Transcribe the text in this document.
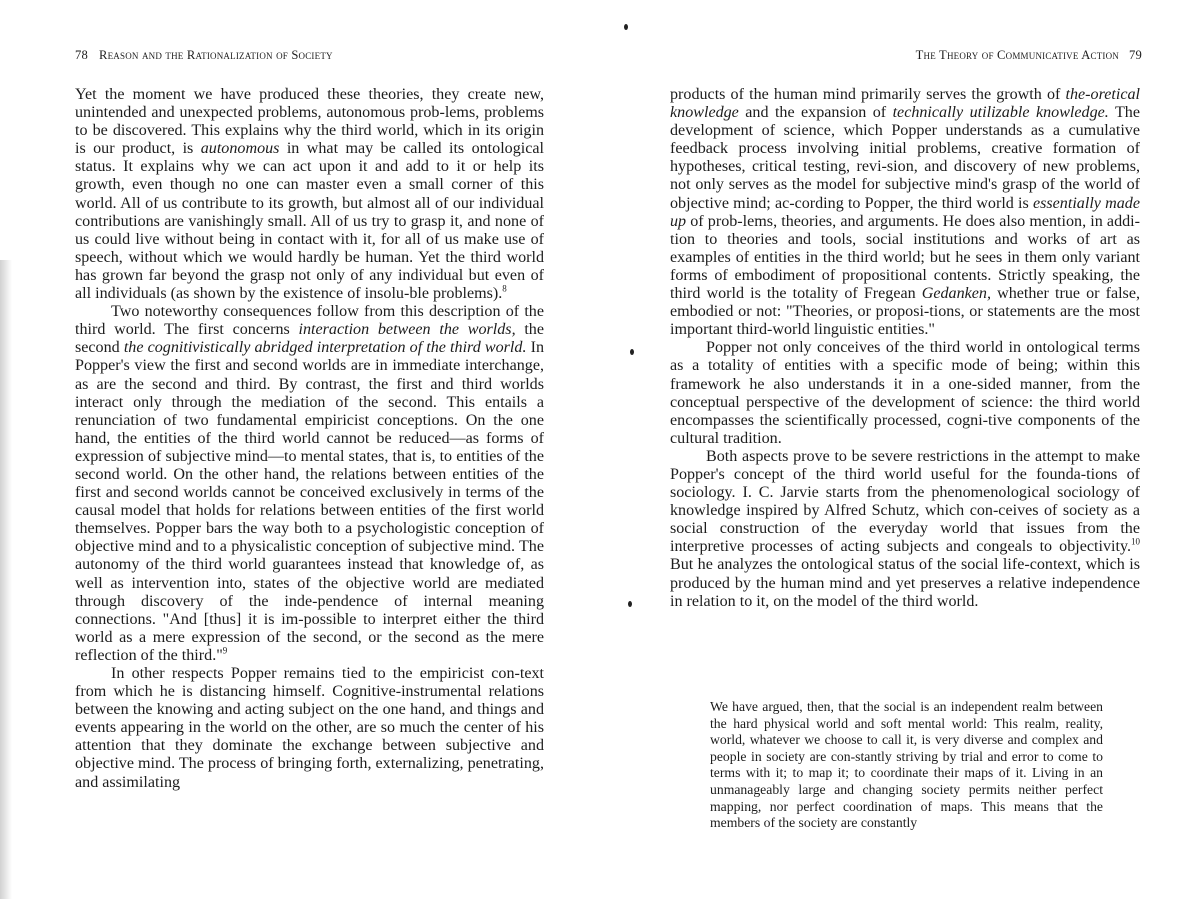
78 Reason and the Rationalization of Society

Yet the moment we have produced these theories, they create new, unintended and unexpected problems, autonomous prob-lems, problems to be discovered. This explains why the third world, which in its origin is our product, is autonomous in what may be called its ontological status. It explains why we can act upon it and add to it or help its growth, even though no one can master even a small corner of this world. All of us contribute to its growth, but almost all of our individual contributions are vanishingly small. All of us try to grasp it, and none of us could live without being in contact with it, for all of us make use of speech, without which we would hardly be human. Yet the third world has grown far beyond the grasp not only of any individual but even of all individuals (as shown by the existence of insolu-ble problems).$^8$

Two noteworthy consequences follow from this description of the third world. The first concerns interaction between the worlds, the second the cognitivistically abridged interpretation of the third world. In Popper's view the first and second worlds are in immediate interchange, as are the second and third. By contrast, the first and third worlds interact only through the mediation of the second. This entails a renunciation of two fundamental empiricist conceptions. On the one hand, the entities of the third world cannot be reduced—as forms of expression of subjective mind—to mental states, that is, to entities of the second world. On the other hand, the relations between entities of the first and second worlds cannot be conceived exclusively in terms of the causal model that holds for relations between entities of the first world themselves. Popper bars the way both to a psychologistic conception of objective mind and to a physicalistic conception of subjective mind. The autonomy of the third world guarantees instead that knowledge of, as well as intervention into, states of the objective world are mediated through discovery of the inde-pendence of internal meaning connections. "And [thus] it is im-possible to interpret either the third world as a mere expression of the second, or the second as the mere reflection of the third."$^9$

In other respects Popper remains tied to the empiricist con-text from which he is distancing himself. Cognitive-instrumental relations between the knowing and acting subject on the one hand, and things and events appearing in the world on the other, are so much the center of his attention that they dominate the exchange between subjective and objective mind. The process of bringing forth, externalizing, penetrating, and assimilating

The Theory of Communicative Action 79

products of the human mind primarily serves the growth of the-oretical knowledge and the expansion of technically utilizable knowledge. The development of science, which Popper understands as a cumulative feedback process involving initial problems, creative formation of hypotheses, critical testing, revi-sion, and discovery of new problems, not only serves as the model for subjective mind's grasp of the world of objective mind; ac-cording to Popper, the third world is essentially made up of prob-lems, theories, and arguments. He does also mention, in addi-tion to theories and tools, social institutions and works of art as examples of entities in the third world; but he sees in them only variant forms of embodiment of propositional contents. Strictly speaking, the third world is the totality of Fregean Gedanken, whether true or false, embodied or not: "Theories, or proposi-tions, or statements are the most important third-world linguistic entities."

Popper not only conceives of the third world in ontological terms as a totality of entities with a specific mode of being; within this framework he also understands it in a one-sided manner, from the conceptual perspective of the development of science: the third world encompasses the scientifically processed, cogni-tive components of the cultural tradition.

Both aspects prove to be severe restrictions in the attempt to make Popper's concept of the third world useful for the founda-tions of sociology. I. C. Jarvie starts from the phenomenological sociology of knowledge inspired by Alfred Schutz, which con-ceives of society as a social construction of the everyday world that issues from the interpretive processes of acting subjects and congeals to objectivity.$^{10}$ But he analyzes the ontological status of the social life-context, which is produced by the human mind and yet preserves a relative independence in relation to it, on the model of the third world.

We have argued, then, that the social is an independent realm between the hard physical world and soft mental world: This realm, reality, world, whatever we choose to call it, is very diverse and complex and people in society are con-stantly striving by trial and error to come to terms with it; to map it; to coordinate their maps of it. Living in an unmanageably large and changing society permits neither perfect mapping, nor perfect coordination of maps. This means that the members of the society are constantly
